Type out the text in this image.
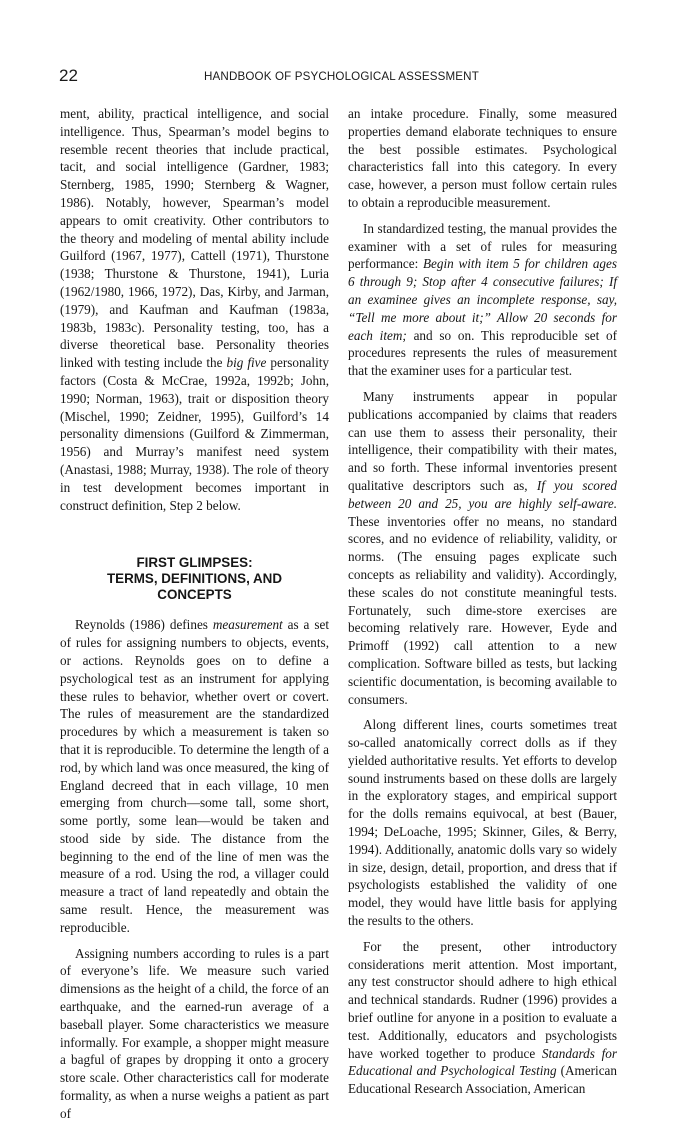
22	HANDBOOK OF PSYCHOLOGICAL ASSESSMENT

ment, ability, practical intelligence, and social intelligence. Thus, Spearman’s model begins to resemble recent theories that include practical, tacit, and social intelligence (Gardner, 1983; Sternberg, 1985, 1990; Sternberg & Wagner, 1986). Notably, however, Spearman’s model appears to omit creativity. Other contributors to the theory and modeling of mental ability include Guilford (1967, 1977), Cattell (1971), Thurstone (1938; Thurstone & Thurstone, 1941), Luria (1962/1980, 1966, 1972), Das, Kirby, and Jarman, (1979), and Kaufman and Kaufman (1983a, 1983b, 1983c). Personality testing, too, has a diverse theoretical base. Personality theories linked with testing include the big five personality factors (Costa & McCrae, 1992a, 1992b; John, 1990; Norman, 1963), trait or disposition theory (Mischel, 1990; Zeidner, 1995), Guilford’s 14 personality dimensions (Guilford & Zimmerman, 1956) and Murray’s manifest need system (Anastasi, 1988; Murray, 1938). The role of theory in test development becomes important in construct definition, Step 2 below.

FIRST GLIMPSES:
TERMS, DEFINITIONS, AND
CONCEPTS

Reynolds (1986) defines measurement as a set of rules for assigning numbers to objects, events, or actions. Reynolds goes on to define a psychological test as an instrument for applying these rules to behavior, whether overt or covert. The rules of measurement are the standardized procedures by which a measurement is taken so that it is reproducible. To determine the length of a rod, by which land was once measured, the king of England decreed that in each village, 10 men emerging from church—some tall, some short, some portly, some lean—would be taken and stood side by side. The distance from the beginning to the end of the line of men was the measure of a rod. Using the rod, a villager could measure a tract of land repeatedly and obtain the same result. Hence, the measurement was reproducible.

Assigning numbers according to rules is a part of everyone’s life. We measure such varied dimensions as the height of a child, the force of an earthquake, and the earned-run average of a baseball player. Some characteristics we measure informally. For example, a shopper might measure a bagful of grapes by dropping it onto a grocery store scale. Other characteristics call for moderate formality, as when a nurse weighs a patient as part of

an intake procedure. Finally, some measured properties demand elaborate techniques to ensure the best possible estimates. Psychological characteristics fall into this category. In every case, however, a person must follow certain rules to obtain a reproducible measurement.

In standardized testing, the manual provides the examiner with a set of rules for measuring performance: Begin with item 5 for children ages 6 through 9; Stop after 4 consecutive failures; If an examinee gives an incomplete response, say, “Tell me more about it;” Allow 20 seconds for each item; and so on. This reproducible set of procedures represents the rules of measurement that the examiner uses for a particular test.

Many instruments appear in popular publications accompanied by claims that readers can use them to assess their personality, their intelligence, their compatibility with their mates, and so forth. These informal inventories present qualitative descriptors such as, If you scored between 20 and 25, you are highly self-aware. These inventories offer no means, no standard scores, and no evidence of reliability, validity, or norms. (The ensuing pages explicate such concepts as reliability and validity). Accordingly, these scales do not constitute meaningful tests. Fortunately, such dime-store exercises are becoming relatively rare. However, Eyde and Primoff (1992) call attention to a new complication. Software billed as tests, but lacking scientific documentation, is becoming available to consumers.

Along different lines, courts sometimes treat so-called anatomically correct dolls as if they yielded authoritative results. Yet efforts to develop sound instruments based on these dolls are largely in the exploratory stages, and empirical support for the dolls remains equivocal, at best (Bauer, 1994; DeLoache, 1995; Skinner, Giles, & Berry, 1994). Additionally, anatomic dolls vary so widely in size, design, detail, proportion, and dress that if psychologists established the validity of one model, they would have little basis for applying the results to the others.

For the present, other introductory considerations merit attention. Most important, any test constructor should adhere to high ethical and technical standards. Rudner (1996) provides a brief outline for anyone in a position to evaluate a test. Additionally, educators and psychologists have worked together to produce Standards for Educational and Psychological Testing (American Educational Research Association, American
